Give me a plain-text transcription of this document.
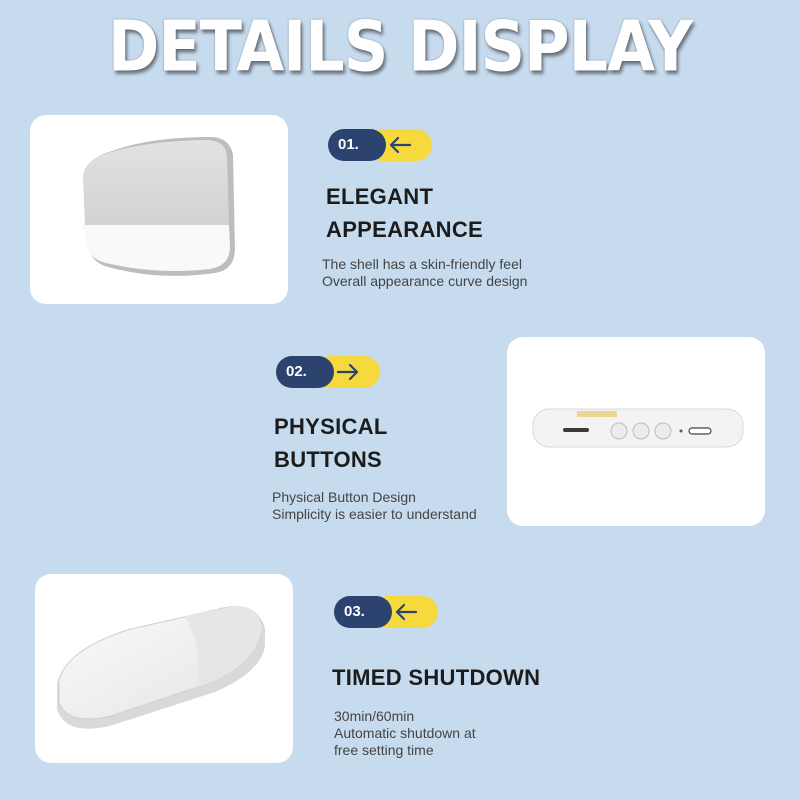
DETAILS DISPLAY
01.
ELEGANT
APPEARANCE
The shell has a skin-friendly feel
Overall appearance curve design
02.
PHYSICAL
BUTTONS
Physical Button Design
Simplicity is easier to understand
03.
TIMED SHUTDOWN
30min/60min
Automatic shutdown at
free setting time
